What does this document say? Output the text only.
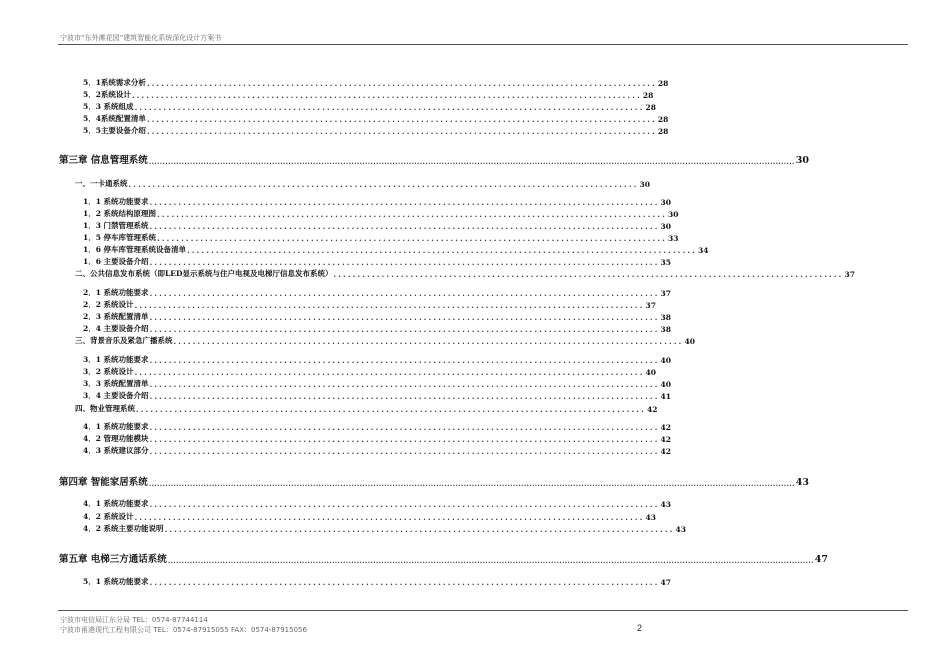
宁波市“东外滩花园”建筑智能化系统深化设计方案书
5．1系统需求分析 .......................................................................................................... 28
5．2系统设计 .......................................................................................................... 28
5．3 系统组成 .......................................................................................................... 28
5．4系统配置清单 .......................................................................................................... 28
5．5主要设备介绍 .......................................................................................................... 28
第三章 信息管理系统 ............................................................................................................................................................................................................................................ 30
一、一卡通系统 .......................................................................................................... 30
1．1 系统功能要求 .......................................................................................................... 30
1．2 系统结构原理图 .......................................................................................................... 30
1．3 门禁管理系统 .......................................................................................................... 30
1．5 停车库管理系统 .......................................................................................................... 33
1．6 停车库管理系统设备清单 .......................................................................................................... 34
1．6 主要设备介绍 .......................................................................................................... 35
二、公共信息发布系统（即LED显示系统与住户电视及电梯厅信息发布系统） .......................................................................................................... 37
2．1 系统功能要求 .......................................................................................................... 37
2．2 系统设计 .......................................................................................................... 37
2．3 系统配置清单 .......................................................................................................... 38
2．4 主要设备介绍 .......................................................................................................... 38
三、背景音乐及紧急广播系统 .......................................................................................................... 40
3．1 系统功能要求 .......................................................................................................... 40
3．2 系统设计 .......................................................................................................... 40
3．3 系统配置清单 .......................................................................................................... 40
3．4 主要设备介绍 .......................................................................................................... 41
四、物业管理系统 .......................................................................................................... 42
4．1 系统功能要求 .......................................................................................................... 42
4．2 管理功能模块 .......................................................................................................... 42
4．3 系统建议部分 .......................................................................................................... 42
第四章 智能家居系统 ............................................................................................................................................................................................................................................ 43
4．1 系统功能要求 .......................................................................................................... 43
4．2 系统设计 .......................................................................................................... 43
4．2 系统主要功能说明 .......................................................................................................... 43
第五章 电梯三方通话系统 ............................................................................................................................................................................................................................................ 47
5．1 系统功能要求 .......................................................................................................... 47
宁波市电信局江东分局 TEL：0574-87744114
宁波市甬港现代工程有限公司 TEL：0574-87915055 FAX：0574-87915056	2
